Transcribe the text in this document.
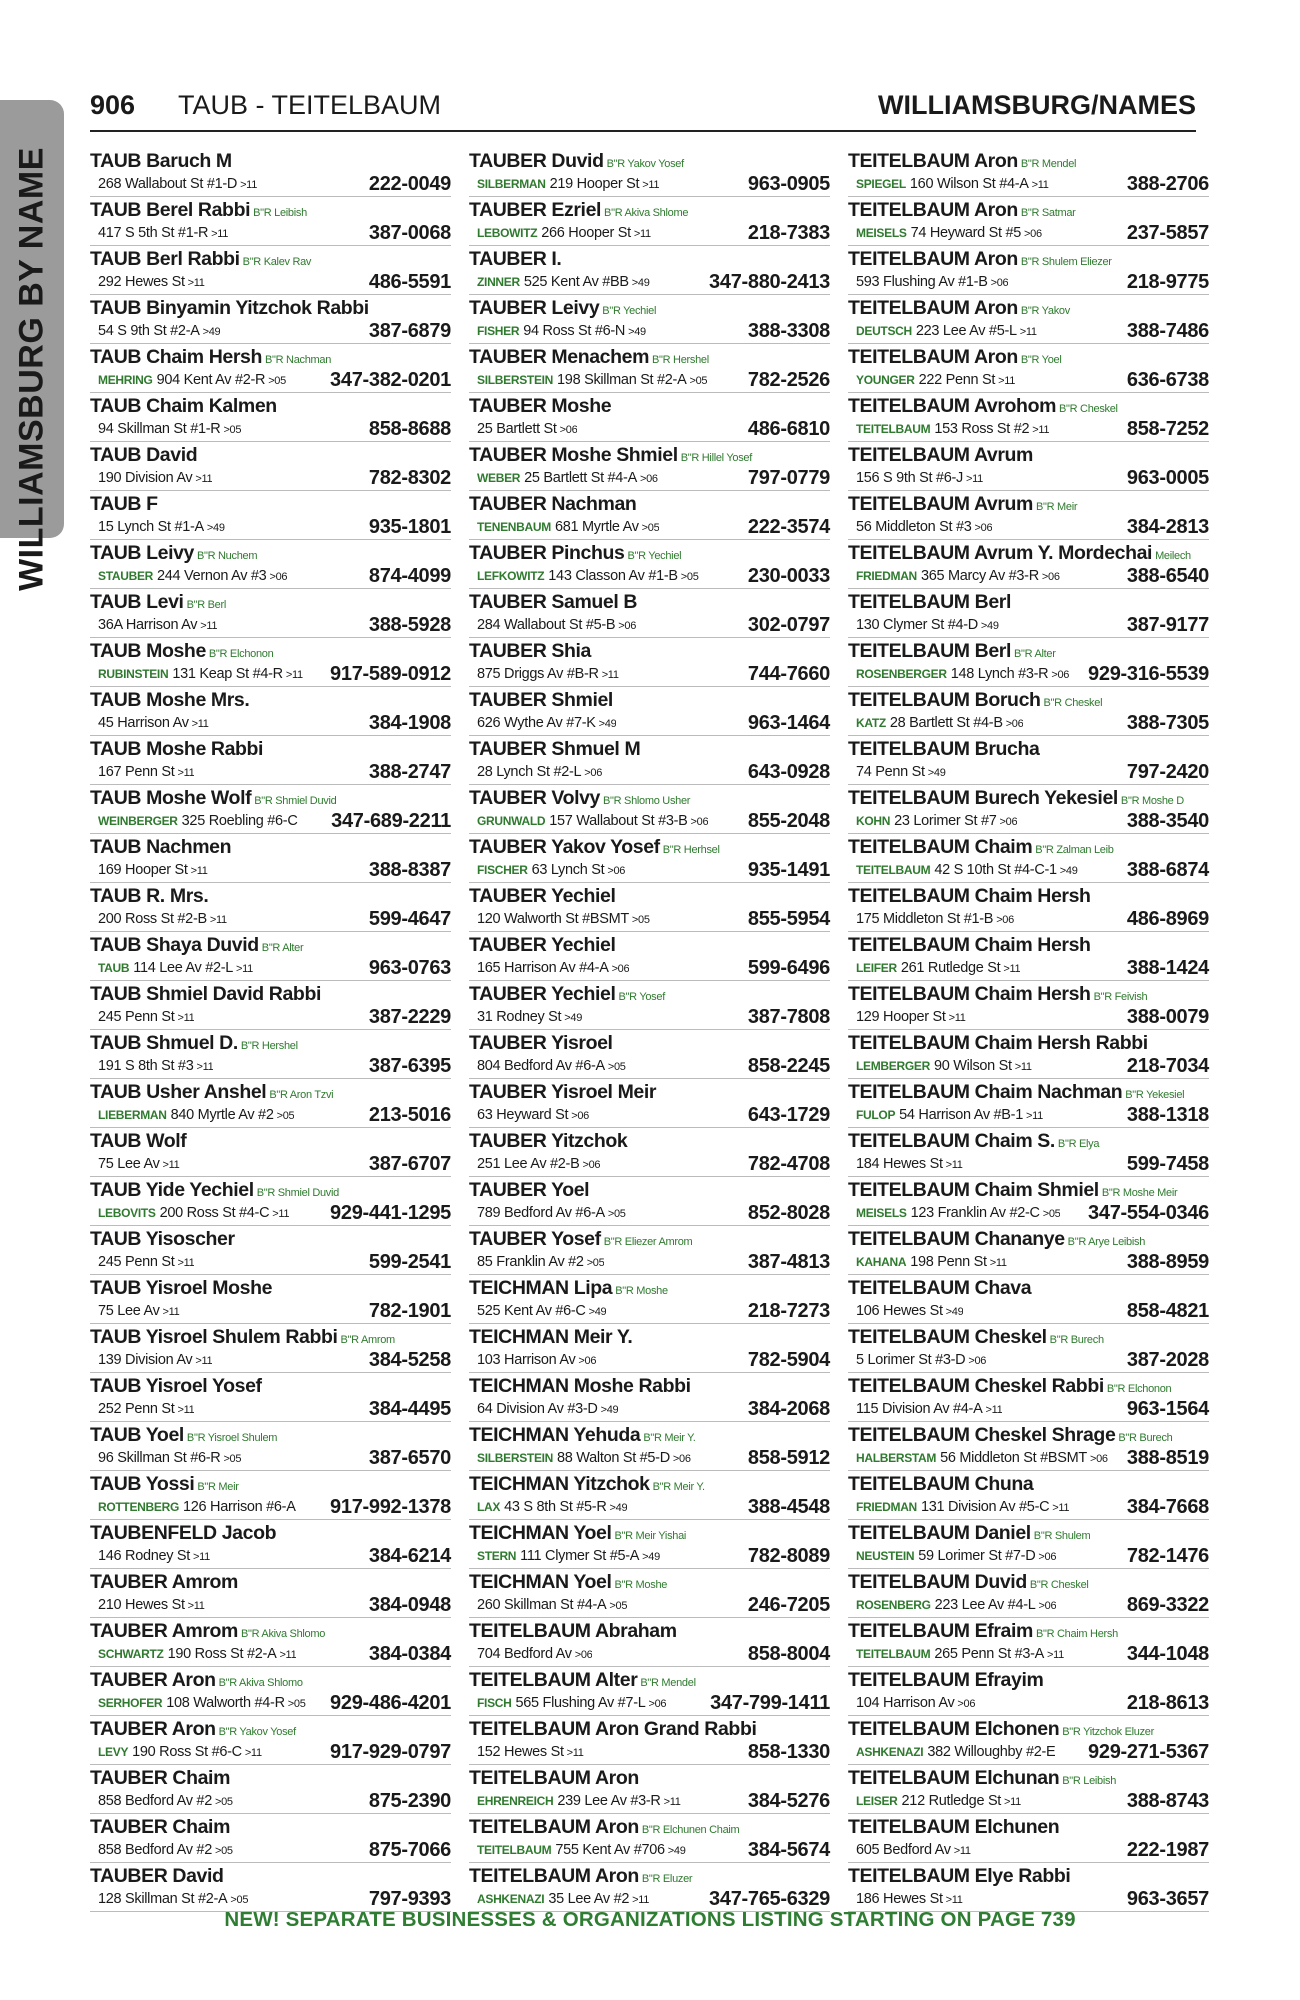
WILLIAMSBURG BY NAME
906 TAUB - TEITELBAUM	WILLIAMSBURG/NAMES
TAUB Baruch M
268 Wallabout St #1-D >11	222-0049
TAUB Berel Rabbi B"R Leibish
417 S 5th St #1-R >11	387-0068
TAUB Berl Rabbi B"R Kalev Rav
292 Hewes St >11	486-5591
TAUB Binyamin Yitzchok Rabbi
54 S 9th St #2-A >49	387-6879
TAUB Chaim Hersh B"R Nachman
MEHRING 904 Kent Av #2-R >05 347-382-0201
TAUB Chaim Kalmen
94 Skillman St #1-R >05	858-8688
TAUB David
190 Division Av >11	782-8302
TAUB F
15 Lynch St #1-A >49	935-1801
TAUB Leivy B"R Nuchem
STAUBER 244 Vernon Av #3 >06	874-4099
TAUB Levi B"R Berl
36A Harrison Av >11	388-5928
TAUB Moshe B"R Elchonon
RUBINSTEIN 131 Keap St #4-R >11 917-589-0912
TAUB Moshe Mrs.
45 Harrison Av >11	384-1908
TAUB Moshe Rabbi
167 Penn St >11	388-2747
TAUB Moshe Wolf B"R Shmiel Duvid
WEINBERGER 325 Roebling #6-C 347-689-2211
TAUB Nachmen
169 Hooper St >11	388-8387
TAUB R. Mrs.
200 Ross St #2-B >11	599-4647
TAUB Shaya Duvid B"R Alter
TAUB 114 Lee Av #2-L >11	963-0763
TAUB Shmiel David Rabbi
245 Penn St >11	387-2229
TAUB Shmuel D. B"R Hershel
191 S 8th St #3 >11	387-6395
TAUB Usher Anshel B"R Aron Tzvi
LIEBERMAN 840 Myrtle Av #2 >05	213-5016
TAUB Wolf
75 Lee Av >11	387-6707
TAUB Yide Yechiel B"R Shmiel Duvid
LEBOVITS 200 Ross St #4-C >11 929-441-1295
TAUB Yisoscher
245 Penn St >11	599-2541
TAUB Yisroel Moshe
75 Lee Av >11	782-1901
TAUB Yisroel Shulem Rabbi B"R Amrom
139 Division Av >11	384-5258
TAUB Yisroel Yosef
252 Penn St >11	384-4495
TAUB Yoel B"R Yisroel Shulem
96 Skillman St #6-R >05	387-6570
TAUB Yossi B"R Meir
ROTTENBERG 126 Harrison #6-A 917-992-1378
TAUBENFELD Jacob
146 Rodney St >11	384-6214
TAUBER Amrom
210 Hewes St >11	384-0948
TAUBER Amrom B"R Akiva Shlomo
SCHWARTZ 190 Ross St #2-A >11	384-0384
TAUBER Aron B"R Akiva Shlomo
SERHOFER 108 Walworth #4-R >05 929-486-4201
TAUBER Aron B"R Yakov Yosef
LEVY 190 Ross St #6-C >11	917-929-0797
TAUBER Chaim
858 Bedford Av #2 >05	875-2390
TAUBER Chaim
858 Bedford Av #2 >05	875-7066
TAUBER David
128 Skillman St #2-A >05	797-9393
TAUBER Duvid B"R Yakov Yosef
SILBERMAN 219 Hooper St >11	963-0905
TAUBER Ezriel B"R Akiva Shlome
LEBOWITZ 266 Hooper St >11	218-7383
TAUBER I.
ZINNER 525 Kent Av #BB >49	347-880-2413
TAUBER Leivy B"R Yechiel
FISHER 94 Ross St #6-N >49	388-3308
TAUBER Menachem B"R Hershel
SILBERSTEIN 198 Skillman St #2-A >05 782-2526
TAUBER Moshe
25 Bartlett St >06	486-6810
TAUBER Moshe Shmiel B"R Hillel Yosef
WEBER 25 Bartlett St #4-A >06	797-0779
TAUBER Nachman
TENENBAUM 681 Myrtle Av >05	222-3574
TAUBER Pinchus B"R Yechiel
LEFKOWITZ 143 Classon Av #1-B >05 230-0033
TAUBER Samuel B
284 Wallabout St #5-B >06	302-0797
TAUBER Shia
875 Driggs Av #B-R >11	744-7660
TAUBER Shmiel
626 Wythe Av #7-K >49	963-1464
TAUBER Shmuel M
28 Lynch St #2-L >06	643-0928
TAUBER Volvy B"R Shlomo Usher
GRUNWALD 157 Wallabout St #3-B >06 855-2048
TAUBER Yakov Yosef B"R Herhsel
FISCHER 63 Lynch St >06	935-1491
TAUBER Yechiel
120 Walworth St #BSMT >05	855-5954
TAUBER Yechiel
165 Harrison Av #4-A >06	599-6496
TAUBER Yechiel B"R Yosef
31 Rodney St >49	387-7808
TAUBER Yisroel
804 Bedford Av #6-A >05	858-2245
TAUBER Yisroel Meir
63 Heyward St >06	643-1729
TAUBER Yitzchok
251 Lee Av #2-B >06	782-4708
TAUBER Yoel
789 Bedford Av #6-A >05	852-8028
TAUBER Yosef B"R Eliezer Amrom
85 Franklin Av #2 >05	387-4813
TEICHMAN Lipa B"R Moshe
525 Kent Av #6-C >49	218-7273
TEICHMAN Meir Y.
103 Harrison Av >06	782-5904
TEICHMAN Moshe Rabbi
64 Division Av #3-D >49	384-2068
TEICHMAN Yehuda B"R Meir Y.
SILBERSTEIN 88 Walton St #5-D >06	858-5912
TEICHMAN Yitzchok B"R Meir Y.
LAX 43 S 8th St #5-R >49	388-4548
TEICHMAN Yoel B"R Meir Yishai
STERN 111 Clymer St #5-A >49	782-8089
TEICHMAN Yoel B"R Moshe
260 Skillman St #4-A >05	246-7205
TEITELBAUM Abraham
704 Bedford Av >06	858-8004
TEITELBAUM Alter B"R Mendel
FISCH 565 Flushing Av #7-L >06 347-799-1411
TEITELBAUM Aron Grand Rabbi
152 Hewes St >11	858-1330
TEITELBAUM Aron
EHRENREICH 239 Lee Av #3-R >11	384-5276
TEITELBAUM Aron B"R Elchunen Chaim
TEITELBAUM 755 Kent Av #706 >49	384-5674
TEITELBAUM Aron B"R Eluzer
ASHKENAZI 35 Lee Av #2 >11	347-765-6329
TEITELBAUM Aron B"R Mendel
SPIEGEL 160 Wilson St #4-A >11	388-2706
TEITELBAUM Aron B"R Satmar
MEISELS 74 Heyward St #5 >06	237-5857
TEITELBAUM Aron B"R Shulem Eliezer
593 Flushing Av #1-B >06	218-9775
TEITELBAUM Aron B"R Yakov
DEUTSCH 223 Lee Av #5-L >11	388-7486
TEITELBAUM Aron B"R Yoel
YOUNGER 222 Penn St >11	636-6738
TEITELBAUM Avrohom B"R Cheskel
TEITELBAUM 153 Ross St #2 >11	858-7252
TEITELBAUM Avrum
156 S 9th St #6-J >11	963-0005
TEITELBAUM Avrum B"R Meir
56 Middleton St #3 >06	384-2813
TEITELBAUM Avrum Y. Mordechai Meilech
FRIEDMAN 365 Marcy Av #3-R >06	388-6540
TEITELBAUM Berl
130 Clymer St #4-D >49	387-9177
TEITELBAUM Berl B"R Alter
ROSENBERGER 148 Lynch #3-R >06 929-316-5539
TEITELBAUM Boruch B"R Cheskel
KATZ 28 Bartlett St #4-B >06	388-7305
TEITELBAUM Brucha
74 Penn St >49	797-2420
TEITELBAUM Burech Yekesiel B"R Moshe D
KOHN 23 Lorimer St #7 >06	388-3540
TEITELBAUM Chaim B"R Zalman Leib
TEITELBAUM 42 S 10th St #4-C-1 >49 388-6874
TEITELBAUM Chaim Hersh
175 Middleton St #1-B >06	486-8969
TEITELBAUM Chaim Hersh
LEIFER 261 Rutledge St >11	388-1424
TEITELBAUM Chaim Hersh B"R Feivish
129 Hooper St >11	388-0079
TEITELBAUM Chaim Hersh Rabbi
LEMBERGER 90 Wilson St >11	218-7034
TEITELBAUM Chaim Nachman B"R Yekesiel
FULOP 54 Harrison Av #B-1 >11	388-1318
TEITELBAUM Chaim S. B"R Elya
184 Hewes St >11	599-7458
TEITELBAUM Chaim Shmiel B"R Moshe Meir
MEISELS 123 Franklin Av #2-C >05 347-554-0346
TEITELBAUM Chananye B"R Arye Leibish
KAHANA 198 Penn St >11	388-8959
TEITELBAUM Chava
106 Hewes St >49	858-4821
TEITELBAUM Cheskel B"R Burech
5 Lorimer St #3-D >06	387-2028
TEITELBAUM Cheskel Rabbi B"R Elchonon
115 Division Av #4-A >11	963-1564
TEITELBAUM Cheskel Shrage B"R Burech
HALBERSTAM 56 Middleton St #BSMT >06 388-8519
TEITELBAUM Chuna
FRIEDMAN 131 Division Av #5-C >11	384-7668
TEITELBAUM Daniel B"R Shulem
NEUSTEIN 59 Lorimer St #7-D >06	782-1476
TEITELBAUM Duvid B"R Cheskel
ROSENBERG 223 Lee Av #4-L >06	869-3322
TEITELBAUM Efraim B"R Chaim Hersh
TEITELBAUM 265 Penn St #3-A >11	344-1048
TEITELBAUM Efrayim
104 Harrison Av >06	218-8613
TEITELBAUM Elchonen B"R Yitzchok Eluzer
ASHKENAZI 382 Willoughby #2-E 929-271-5367
TEITELBAUM Elchunan B"R Leibish
LEISER 212 Rutledge St >11	388-8743
TEITELBAUM Elchunen
605 Bedford Av >11	222-1987
TEITELBAUM Elye Rabbi
186 Hewes St >11	963-3657
NEW! SEPARATE BUSINESSES & ORGANIZATIONS LISTING STARTING ON PAGE 739
